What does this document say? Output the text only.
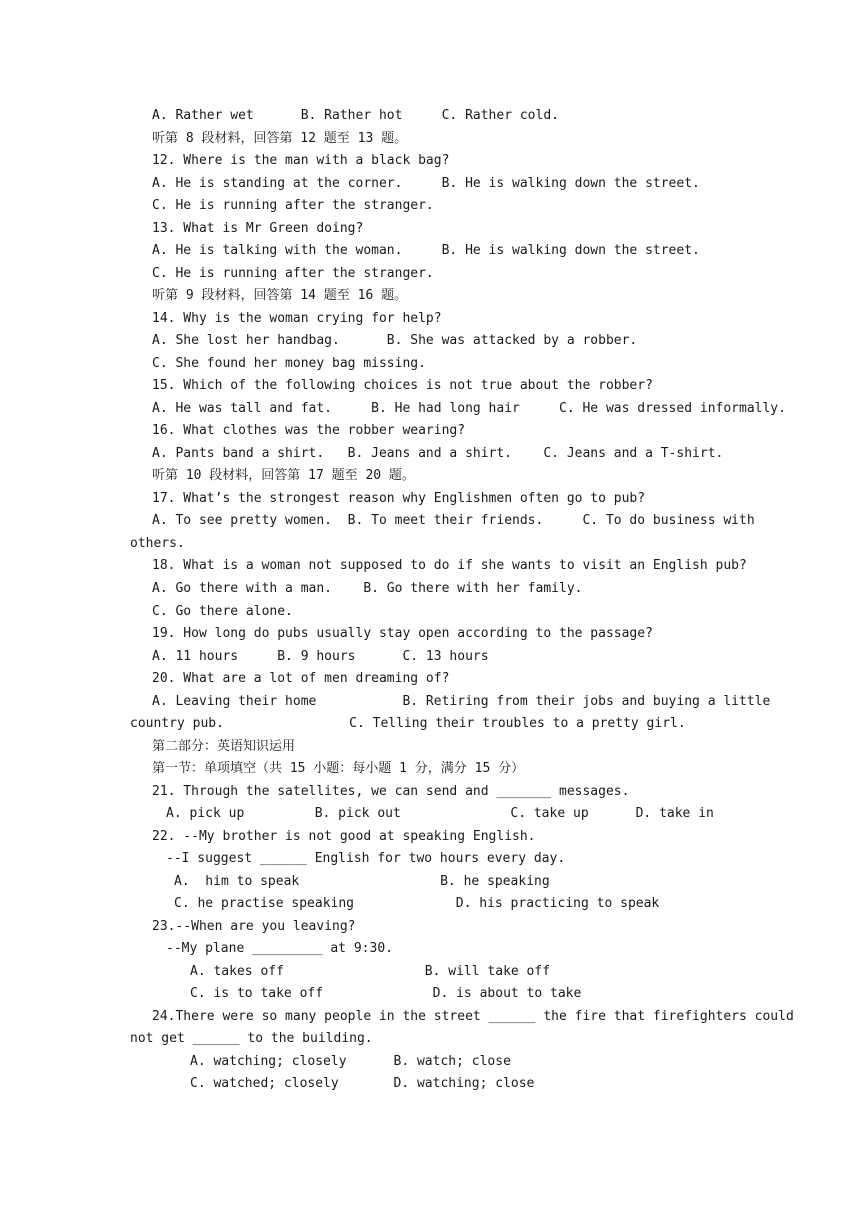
A. Rather wet      B. Rather hot     C. Rather cold.
听第 8 段材料，回答第 12 题至 13 题。
12. Where is the man with a black bag?
A. He is standing at the corner.     B. He is walking down the street.
C. He is running after the stranger.
13. What is Mr Green doing?
A. He is talking with the woman.     B. He is walking down the street.
C. He is running after the stranger.
听第 9 段材料，回答第 14 题至 16 题。
14. Why is the woman crying for help?
A. She lost her handbag.      B. She was attacked by a robber.
C. She found her money bag missing.
15. Which of the following choices is not true about the robber?
A. He was tall and fat.     B. He had long hair     C. He was dressed informally.
16. What clothes was the robber wearing?
A. Pants band a shirt.   B. Jeans and a shirt.    C. Jeans and a T-shirt.
听第 10 段材料，回答第 17 题至 20 题。
17. What’s the strongest reason why Englishmen often go to pub?
A. To see pretty women.  B. To meet their friends.     C. To do business with
others.
18. What is a woman not supposed to do if she wants to visit an English pub?
A. Go there with a man.    B. Go there with her family.
C. Go there alone.
19. How long do pubs usually stay open according to the passage?
A. 11 hours     B. 9 hours      C. 13 hours
20. What are a lot of men dreaming of?
A. Leaving their home           B. Retiring from their jobs and buying a little
country pub.                C. Telling their troubles to a pretty girl.
第二部分：英语知识运用
第一节：单项填空（共 15 小题：每小题 1 分，满分 15 分）
21. Through the satellites, we can send and _______ messages.
A. pick up         B. pick out              C. take up      D. take in
22. --My brother is not good at speaking English.
--I suggest ______ English for two hours every day.
A.  him to speak                  B. he speaking
C. he practise speaking             D. his practicing to speak
23.--When are you leaving?
--My plane _________ at 9:30.
A. takes off                  B. will take off
C. is to take off              D. is about to take
24.There were so many people in the street ______ the fire that firefighters could
not get ______ to the building.
A. watching; closely      B. watch; close
C. watched; closely       D. watching; close
